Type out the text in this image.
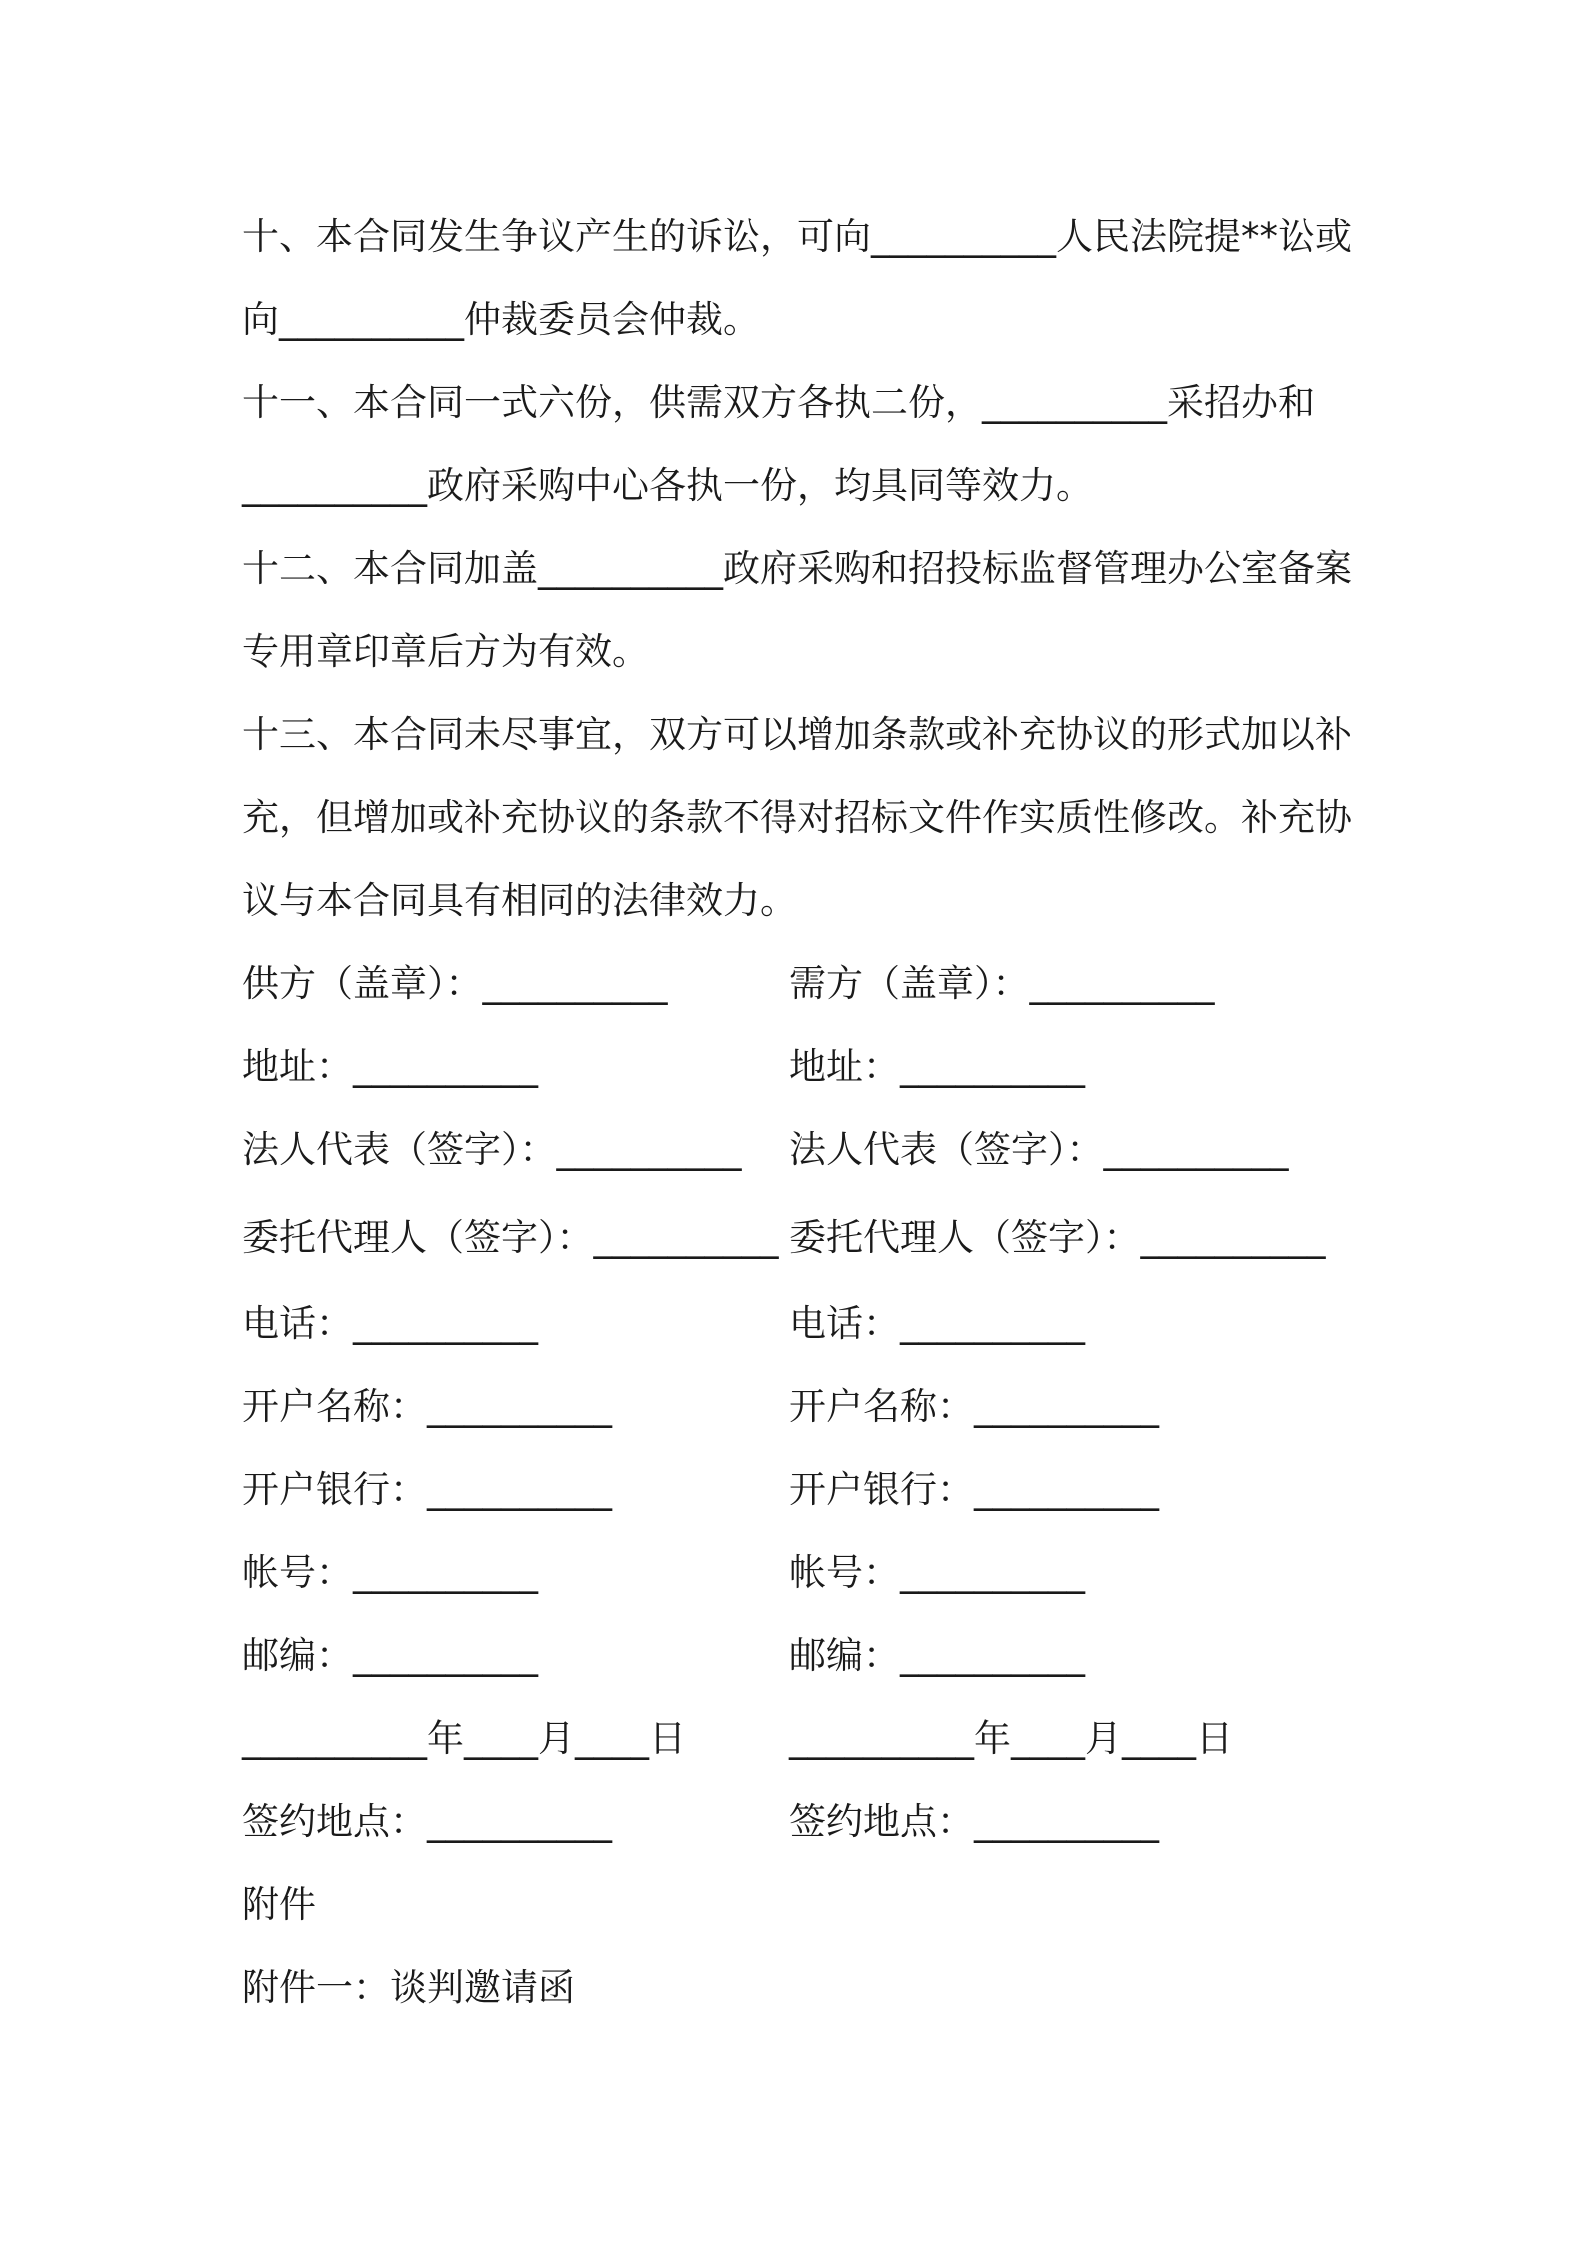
十、本合同发生争议产生的诉讼，可向__________人民法院提**讼或

向__________仲裁委员会仲裁。

十一、本合同一式六份，供需双方各执二份，__________采招办和

__________政府采购中心各执一份，均具同等效力。

十二、本合同加盖__________政府采购和招投标监督管理办公室备案

专用章印章后方为有效。

十三、本合同未尽事宜，双方可以增加条款或补充协议的形式加以补

充，但增加或补充协议的条款不得对招标文件作实质性修改。补充协

议与本合同具有相同的法律效力。

供方（盖章）：__________	需方（盖章）：__________
地址：__________	地址：__________
法人代表（签字）：__________	法人代表（签字）：__________
委托代理人（签字）：__________ 委托代理人（签字）：__________
电话：__________	电话：__________
开户名称：__________	开户名称：__________
开户银行：__________	开户银行：__________
帐号：__________	帐号：__________
邮编：__________	邮编：__________
__________年____月____日	__________年____月____日
签约地点：__________	签约地点：__________

附件

附件一：谈判邀请函
